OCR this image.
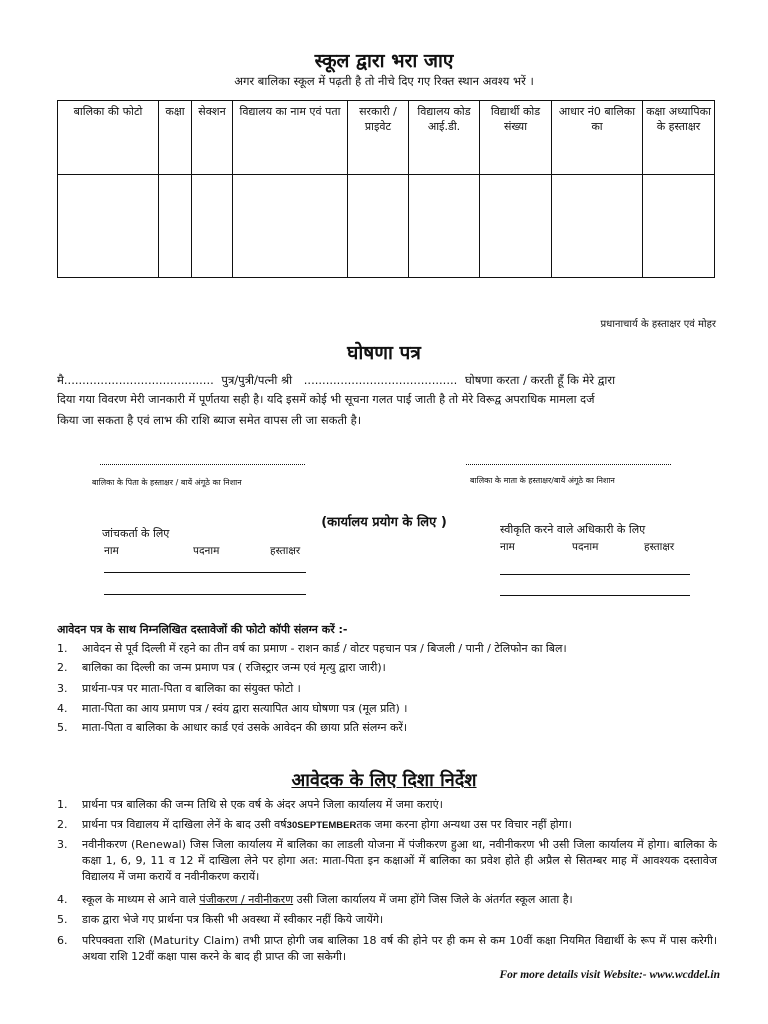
स्कूल द्वारा भरा जाए
अगर बालिका स्कूल में पढ़ती है तो नीचे दिए गए रिक्त स्थान अवश्य भरें ।
बालिका की फोटो	कक्षा	सेक्शन	विद्यालय का नाम एवं पता	सरकारी / प्राइवेट	विद्यालय कोड आई.डी.	विद्यार्थी कोड संख्या	आधार नं0 बालिका का	कक्षा अध्यापिका के हस्ताक्षर

प्रधानाचार्य के हस्ताक्षर एवं मोहर
घोषणा पत्र
मै......................................... पुत्र/पुत्री/पत्नी श्री .......................................... घोषणा करता / करती हूँ कि मेरे द्वारा
दिया गया विवरण मेरी जानकारी में पूर्णतया सही है। यदि इसमें कोई भी सूचना गलत पाई जाती है तो मेरे विरूद्व अपराधिक मामला दर्ज
किया जा सकता है एवं लाभ की राशि ब्याज समेत वापस ली जा सकती है।
बालिका के पिता के हस्ताक्षर / बायें अंगूठे का निशान	बालिका के माता के हस्ताक्षर/बायें अंगूठे का निशान
(कार्यालय प्रयोग के लिए )
जांचकर्ता के लिए
नाम	पदनाम	हस्ताक्षर
स्वीकृति करने वाले अधिकारी के लिए
नाम	पदनाम	हस्ताक्षर
आवेदन पत्र के साथ निम्नलिखित दस्तावेजों की फोटो कॉपी संलग्न करें :-
1.	आवेदन से पूर्व दिल्ली में रहने का तीन वर्ष का प्रमाण - राशन कार्ड / वोटर पहचान पत्र / बिजली / पानी / टेलिफोन का बिल।
2.	बालिका का दिल्ली का जन्म प्रमाण पत्र ( रजिस्ट्रार जन्म एवं मृत्यु द्वारा जारी)।
3.	प्रार्थना-पत्र पर माता-पिता व बालिका का संयुक्त फोटो ।
4.	माता-पिता का आय प्रमाण पत्र / स्वंय द्वारा सत्यापित आय घोषणा पत्र (मूल प्रति) ।
5.	माता-पिता व बालिका के आधार कार्ड एवं उसके आवेदन की छाया प्रति संलग्न करें।
आवेदक के लिए दिशा निर्देश
1.	प्रार्थना पत्र बालिका की जन्म तिथि से एक वर्ष के अंदर अपने जिला कार्यालय में जमा कराएं।
2.	प्रार्थना पत्र विद्यालय में दाखिला लेनें के बाद उसी वर्ष30SEPTEMBERतक जमा करना होगा अन्यथा उस पर विचार नहीं होगा।
3.	नवीनीकरण (Renewal) जिस जिला कार्यालय में बालिका का लाडली योजना में पंजीकरण हुआ था, नवीनीकरण भी उसी जिला कार्यालय में होगा। बालिका के कक्षा 1, 6, 9, 11 व 12 में दाखिला लेने पर होगा अत: माता-पिता इन कक्षाओं में बालिका का प्रवेश होते ही अप्रैल से सितम्बर माह में आवश्यक दस्तावेज विद्यालय में जमा करायें व नवीनीकरण करायें।
4.	स्कूल के माध्यम से आने वाले पंजीकरण / नवीनीकरण उसी जिला कार्यालय में जमा होंगे जिस जिले के अंतर्गत स्कूल आता है।
5.	डाक द्वारा भेजे गए प्रार्थना पत्र किसी भी अवस्था में स्वीकार नहीं किये जायेंगे।
6.	परिपक्वता राशि (Maturity Claim) तभी प्राप्त होगी जब बालिका 18 वर्ष की होने पर ही कम से कम 10वीं कक्षा नियमित विद्यार्थी के रूप में पास करेगी। अथवा राशि 12वीं कक्षा पास करने के बाद ही प्राप्त की जा सकेगी।
For more details visit Website:- www.wcddel.in
